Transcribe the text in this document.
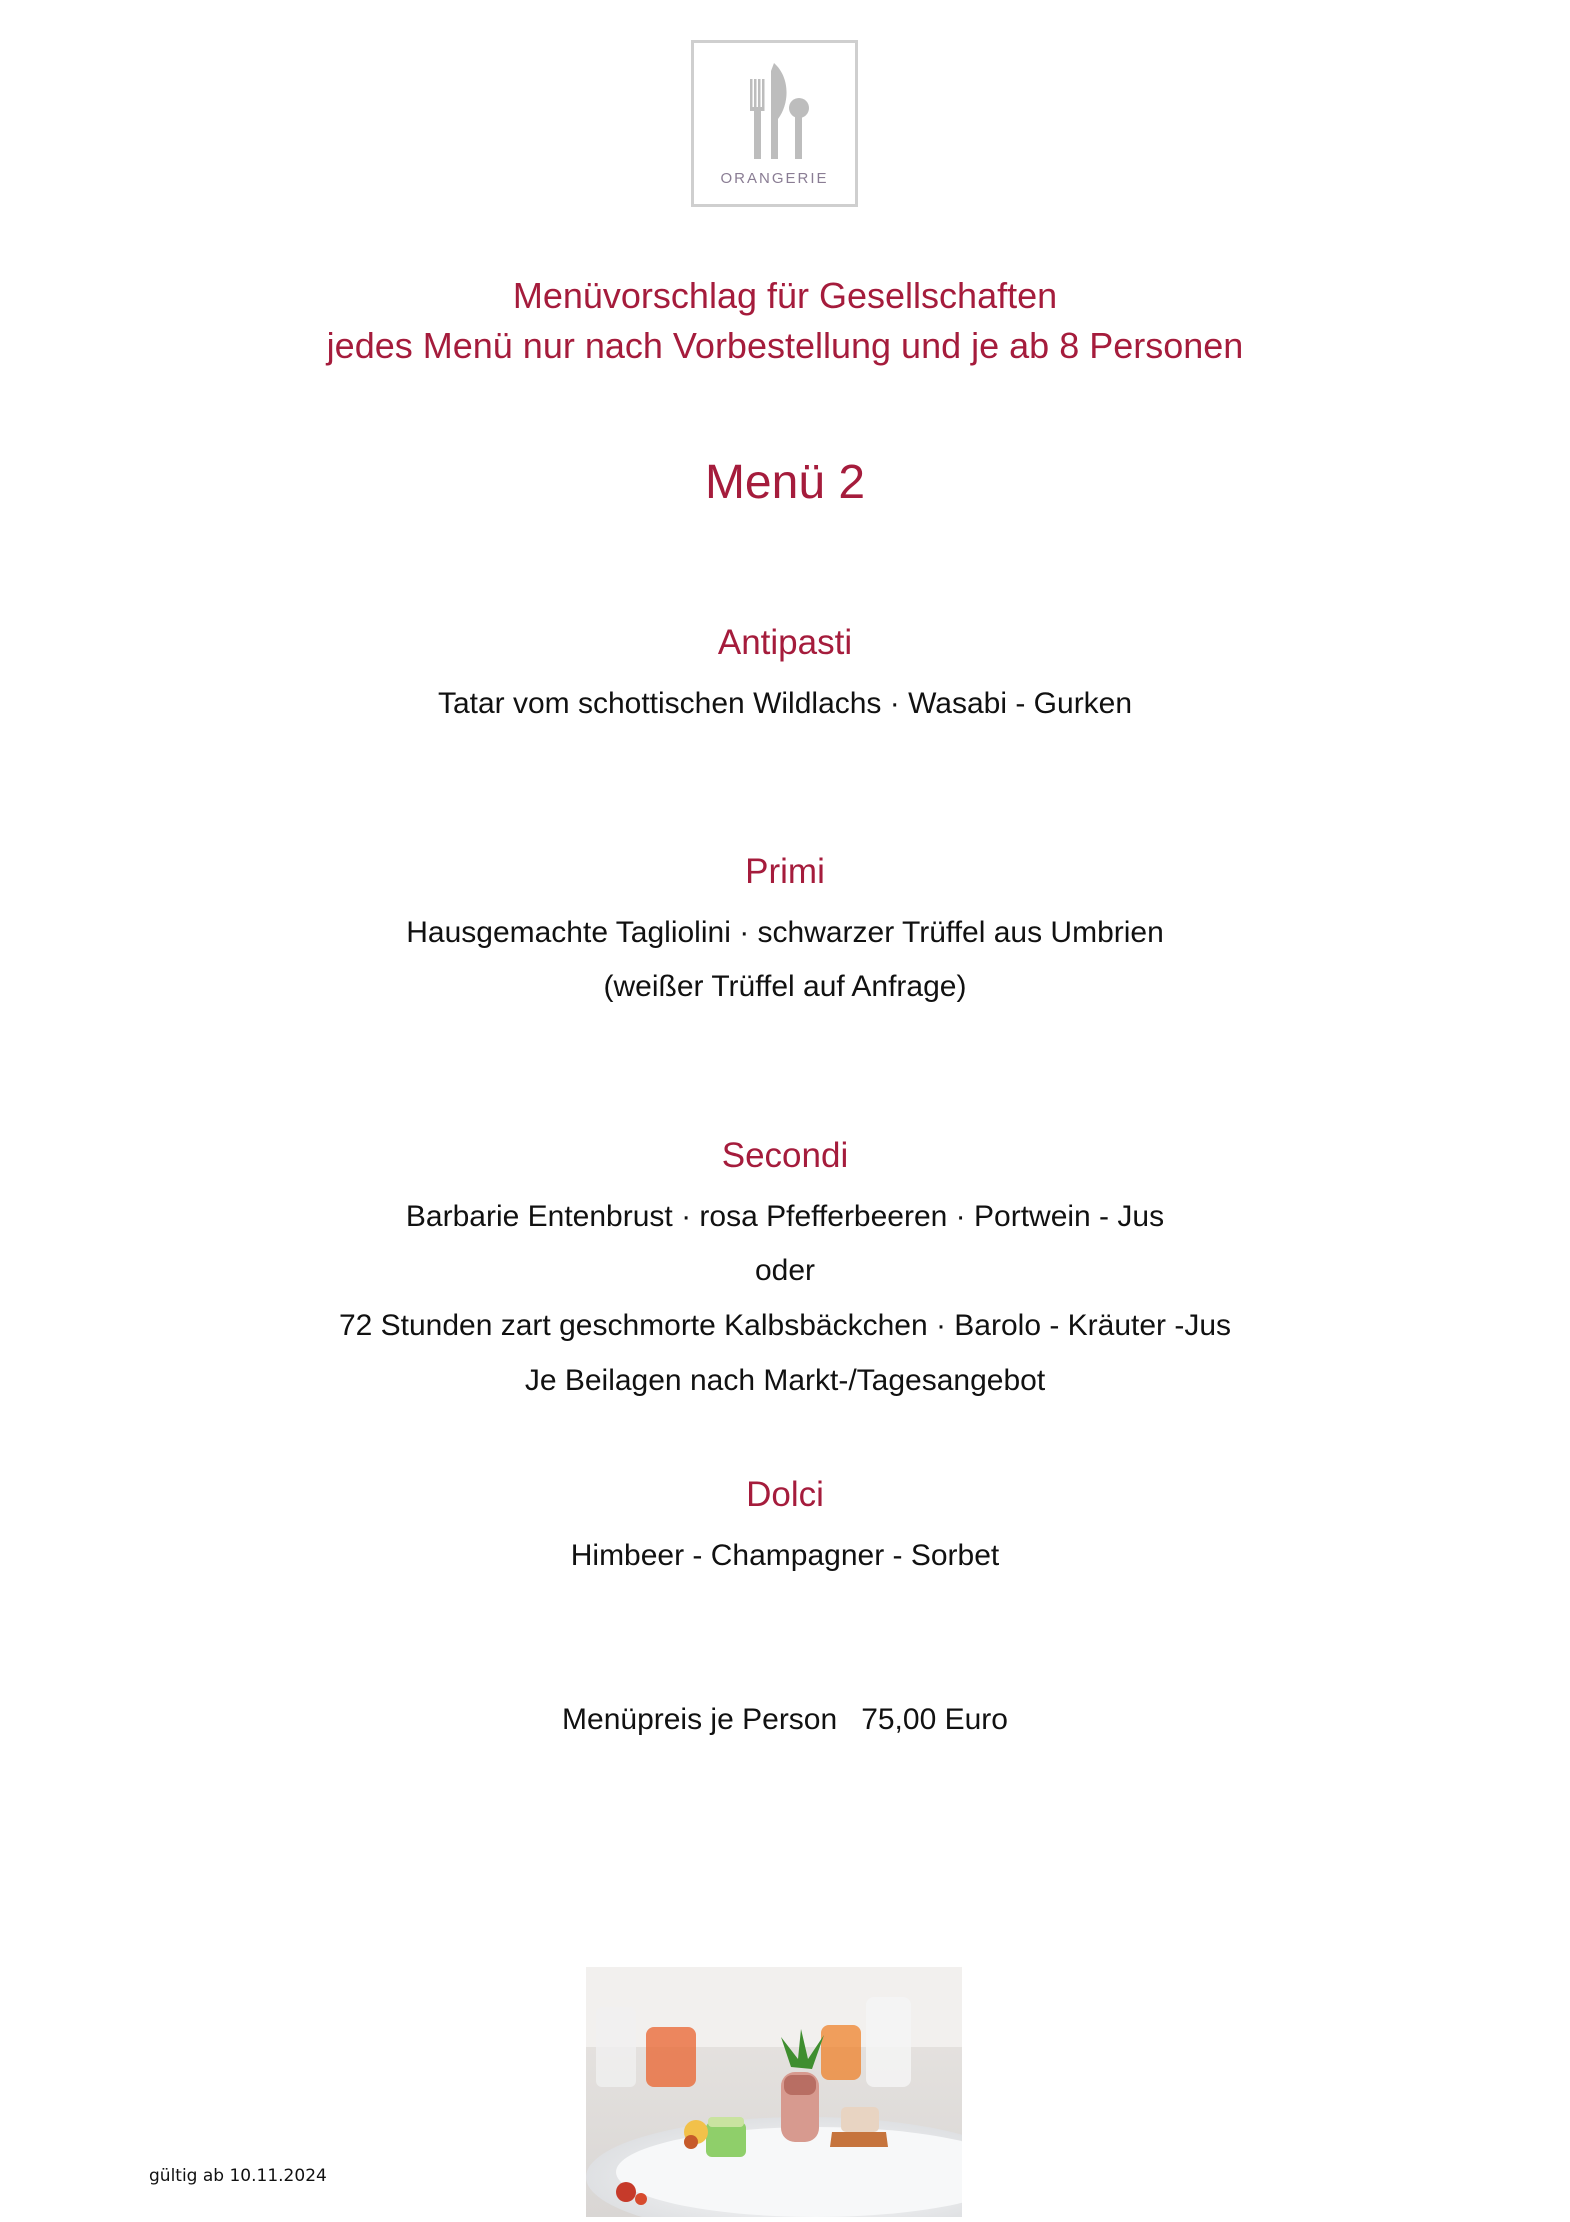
ORANGERIE
Menüvorschlag für Gesellschaften
jedes Menü nur nach Vorbestellung und je ab 8 Personen
Menü 2
Antipasti
Tatar vom schottischen Wildlachs · Wasabi - Gurken
Primi
Hausgemachte Tagliolini · schwarzer Trüffel aus Umbrien
(weißer Trüffel auf Anfrage)
Secondi
Barbarie Entenbrust · rosa Pfefferbeeren · Portwein - Jus
oder
72 Stunden zart geschmorte Kalbsbäckchen · Barolo - Kräuter -Jus
Je Beilagen nach Markt-/Tagesangebot
Dolci
Himbeer - Champagner - Sorbet
Menüpreis je Person 75,00 Euro
gültig ab 10.11.2024
